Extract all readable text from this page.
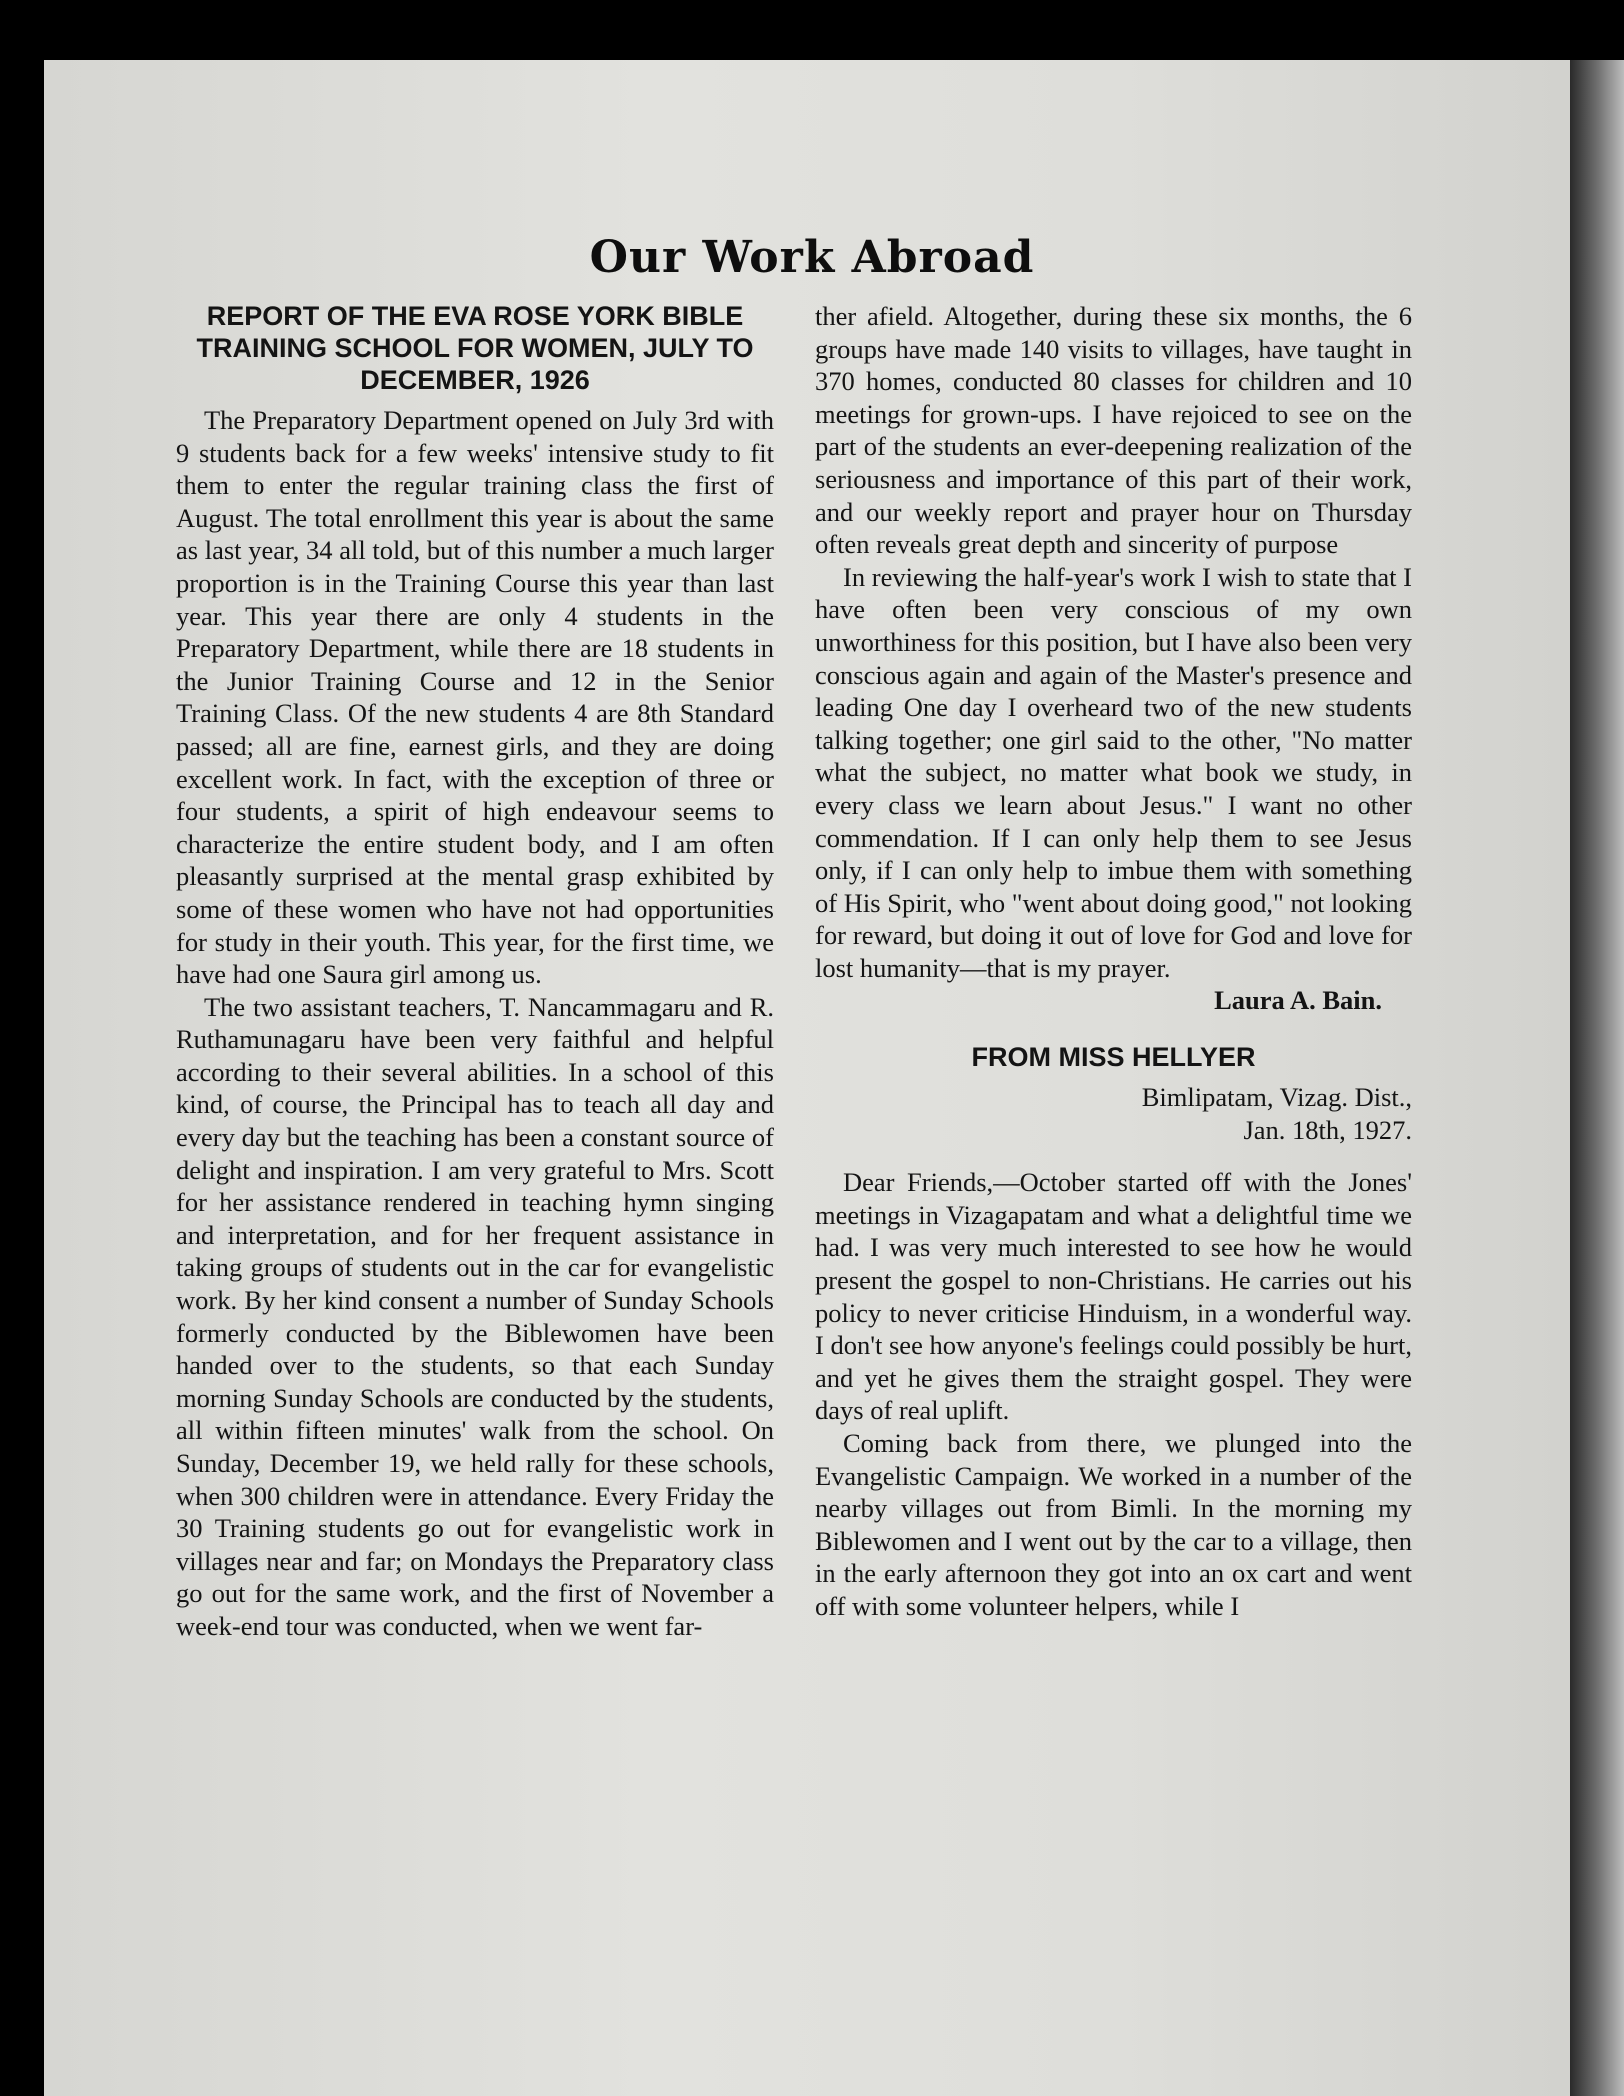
Our Work Abroad
REPORT OF THE EVA ROSE YORK BIBLE TRAINING SCHOOL FOR WOMEN, JULY TO DECEMBER, 1926

The Preparatory Department opened on July 3rd with 9 students back for a few weeks' intensive study to fit them to enter the regular training class the first of August. The total enrollment this year is about the same as last year, 34 all told, but of this number a much larger proportion is in the Training Course this year than last year. This year there are only 4 students in the Preparatory Department, while there are 18 students in the Junior Training Course and 12 in the Senior Training Class. Of the new students 4 are 8th Standard passed; all are fine, earnest girls, and they are doing excellent work. In fact, with the exception of three or four students, a spirit of high endeavour seems to characterize the entire student body, and I am often pleasantly surprised at the mental grasp exhibited by some of these women who have not had opportunities for study in their youth. This year, for the first time, we have had one Saura girl among us.

The two assistant teachers, T. Nancammagaru and R. Ruthamunagaru have been very faithful and helpful according to their several abilities. In a school of this kind, of course, the Principal has to teach all day and every day but the teaching has been a constant source of delight and inspiration. I am very grateful to Mrs. Scott for her assistance rendered in teaching hymn singing and interpretation, and for her frequent assistance in taking groups of students out in the car for evangelistic work. By her kind consent a number of Sunday Schools formerly conducted by the Biblewomen have been handed over to the students, so that each Sunday morning Sunday Schools are conducted by the students, all within fifteen minutes' walk from the school. On Sunday, December 19, we held rally for these schools, when 300 children were in attendance. Every Friday the 30 Training students go out for evangelistic work in villages near and far; on Mondays the Preparatory class go out for the same work, and the first of November a week-end tour was conducted, when we went far-

ther afield. Altogether, during these six months, the 6 groups have made 140 visits to villages, have taught in 370 homes, conducted 80 classes for children and 10 meetings for grown-ups. I have rejoiced to see on the part of the students an ever-deepening realization of the seriousness and importance of this part of their work, and our weekly report and prayer hour on Thursday often reveals great depth and sincerity of purpose

In reviewing the half-year's work I wish to state that I have often been very conscious of my own unworthiness for this position, but I have also been very conscious again and again of the Master's presence and leading One day I overheard two of the new students talking together; one girl said to the other, "No matter what the subject, no matter what book we study, in every class we learn about Jesus." I want no other commendation. If I can only help them to see Jesus only, if I can only help to imbue them with something of His Spirit, who "went about doing good," not looking for reward, but doing it out of love for God and love for lost humanity—that is my prayer.

Laura A. Bain.

FROM MISS HELLYER

Bimlipatam, Vizag. Dist.,

Jan. 18th, 1927.

Dear Friends,—October started off with the Jones' meetings in Vizagapatam and what a delightful time we had. I was very much interested to see how he would present the gospel to non-Christians. He carries out his policy to never criticise Hinduism, in a wonderful way. I don't see how anyone's feelings could possibly be hurt, and yet he gives them the straight gospel. They were days of real uplift.

Coming back from there, we plunged into the Evangelistic Campaign. We worked in a number of the nearby villages out from Bimli. In the morning my Biblewomen and I went out by the car to a village, then in the early afternoon they got into an ox cart and went off with some volunteer helpers, while I
